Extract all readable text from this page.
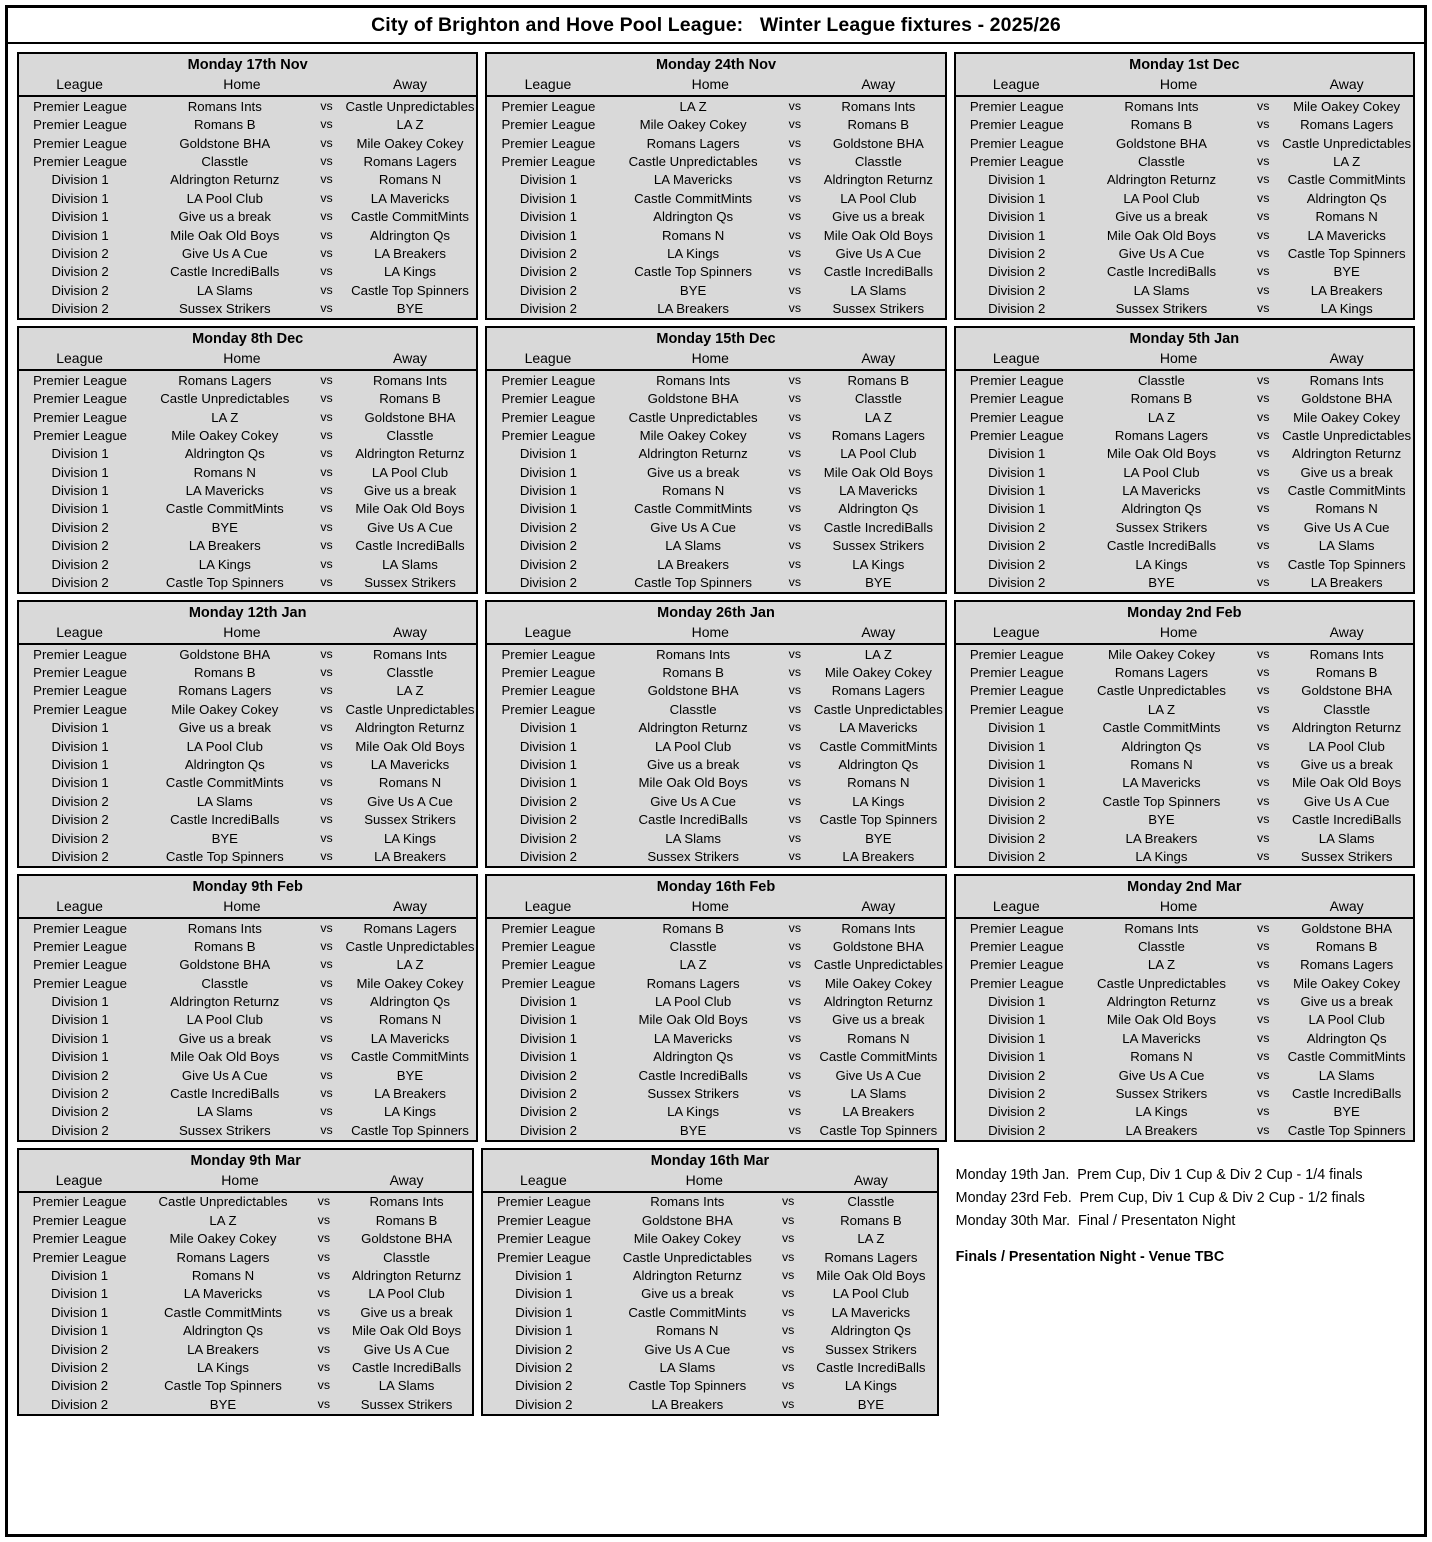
City of Brighton and Hove Pool League:   Winter League fixtures - 2025/26
Monday 17th Nov
League	Home	Away
Premier League	Romans Ints	vs Castle Unpredictables
Premier League	Romans B	vs	LA Z
Premier League	Goldstone BHA	vs	Mile Oakey Cokey
Premier League	Classtle	vs	Romans Lagers
Division 1	Aldrington Returnz	vs	Romans N
Division 1	LA Pool Club	vs	LA Mavericks
Division 1	Give us a break	vs	Castle CommitMints
Division 1	Mile Oak Old Boys	vs	Aldrington Qs
Division 2	Give Us A Cue	vs	LA Breakers
Division 2	Castle IncrediBalls	vs	LA Kings
Division 2	LA Slams	vs	Castle Top Spinners
Division 2	Sussex Strikers	vs	BYE
Monday 24th Nov
League	Home	Away
Premier League	LA Z	vs	Romans Ints
Premier League	Mile Oakey Cokey	vs	Romans B
Premier League	Romans Lagers	vs	Goldstone BHA
Premier League	Castle Unpredictables	vs	Classtle
Division 1	LA Mavericks	vs	Aldrington Returnz
Division 1	Castle CommitMints	vs	LA Pool Club
Division 1	Aldrington Qs	vs	Give us a break
Division 1	Romans N	vs	Mile Oak Old Boys
Division 2	LA Kings	vs	Give Us A Cue
Division 2	Castle Top Spinners	vs	Castle IncrediBalls
Division 2	BYE	vs	LA Slams
Division 2	LA Breakers	vs	Sussex Strikers
Monday 1st Dec
League	Home	Away
Premier League	Romans Ints	vs	Mile Oakey Cokey
Premier League	Romans B	vs	Romans Lagers
Premier League	Goldstone BHA	vs Castle Unpredictables
Premier League	Classtle	vs	LA Z
Division 1	Aldrington Returnz	vs	Castle CommitMints
Division 1	LA Pool Club	vs	Aldrington Qs
Division 1	Give us a break	vs	Romans N
Division 1	Mile Oak Old Boys	vs	LA Mavericks
Division 2	Give Us A Cue	vs	Castle Top Spinners
Division 2	Castle IncrediBalls	vs	BYE
Division 2	LA Slams	vs	LA Breakers
Division 2	Sussex Strikers	vs	LA Kings
Monday 8th Dec
League	Home	Away
Premier League	Romans Lagers	vs	Romans Ints
Premier League	Castle Unpredictables	vs	Romans B
Premier League	LA Z	vs	Goldstone BHA
Premier League	Mile Oakey Cokey	vs	Classtle
Division 1	Aldrington Qs	vs	Aldrington Returnz
Division 1	Romans N	vs	LA Pool Club
Division 1	LA Mavericks	vs	Give us a break
Division 1	Castle CommitMints	vs	Mile Oak Old Boys
Division 2	BYE	vs	Give Us A Cue
Division 2	LA Breakers	vs	Castle IncrediBalls
Division 2	LA Kings	vs	LA Slams
Division 2	Castle Top Spinners	vs	Sussex Strikers
Monday 15th Dec
League	Home	Away
Premier League	Romans Ints	vs	Romans B
Premier League	Goldstone BHA	vs	Classtle
Premier League	Castle Unpredictables	vs	LA Z
Premier League	Mile Oakey Cokey	vs	Romans Lagers
Division 1	Aldrington Returnz	vs	LA Pool Club
Division 1	Give us a break	vs	Mile Oak Old Boys
Division 1	Romans N	vs	LA Mavericks
Division 1	Castle CommitMints	vs	Aldrington Qs
Division 2	Give Us A Cue	vs	Castle IncrediBalls
Division 2	LA Slams	vs	Sussex Strikers
Division 2	LA Breakers	vs	LA Kings
Division 2	Castle Top Spinners	vs	BYE
Monday 5th Jan
League	Home	Away
Premier League	Classtle	vs	Romans Ints
Premier League	Romans B	vs	Goldstone BHA
Premier League	LA Z	vs	Mile Oakey Cokey
Premier League	Romans Lagers	vs Castle Unpredictables
Division 1	Mile Oak Old Boys	vs	Aldrington Returnz
Division 1	LA Pool Club	vs	Give us a break
Division 1	LA Mavericks	vs	Castle CommitMints
Division 1	Aldrington Qs	vs	Romans N
Division 2	Sussex Strikers	vs	Give Us A Cue
Division 2	Castle IncrediBalls	vs	LA Slams
Division 2	LA Kings	vs	Castle Top Spinners
Division 2	BYE	vs	LA Breakers
Monday 12th Jan
League	Home	Away
Premier League	Goldstone BHA	vs	Romans Ints
Premier League	Romans B	vs	Classtle
Premier League	Romans Lagers	vs	LA Z
Premier League	Mile Oakey Cokey	vs Castle Unpredictables
Division 1	Give us a break	vs	Aldrington Returnz
Division 1	LA Pool Club	vs	Mile Oak Old Boys
Division 1	Aldrington Qs	vs	LA Mavericks
Division 1	Castle CommitMints	vs	Romans N
Division 2	LA Slams	vs	Give Us A Cue
Division 2	Castle IncrediBalls	vs	Sussex Strikers
Division 2	BYE	vs	LA Kings
Division 2	Castle Top Spinners	vs	LA Breakers
Monday 26th Jan
League	Home	Away
Premier League	Romans Ints	vs	LA Z
Premier League	Romans B	vs	Mile Oakey Cokey
Premier League	Goldstone BHA	vs	Romans Lagers
Premier League	Classtle	vs Castle Unpredictables
Division 1	Aldrington Returnz	vs	LA Mavericks
Division 1	LA Pool Club	vs	Castle CommitMints
Division 1	Give us a break	vs	Aldrington Qs
Division 1	Mile Oak Old Boys	vs	Romans N
Division 2	Give Us A Cue	vs	LA Kings
Division 2	Castle IncrediBalls	vs	Castle Top Spinners
Division 2	LA Slams	vs	BYE
Division 2	Sussex Strikers	vs	LA Breakers
Monday 2nd Feb
League	Home	Away
Premier League	Mile Oakey Cokey	vs	Romans Ints
Premier League	Romans Lagers	vs	Romans B
Premier League	Castle Unpredictables	vs	Goldstone BHA
Premier League	LA Z	vs	Classtle
Division 1	Castle CommitMints	vs	Aldrington Returnz
Division 1	Aldrington Qs	vs	LA Pool Club
Division 1	Romans N	vs	Give us a break
Division 1	LA Mavericks	vs	Mile Oak Old Boys
Division 2	Castle Top Spinners	vs	Give Us A Cue
Division 2	BYE	vs	Castle IncrediBalls
Division 2	LA Breakers	vs	LA Slams
Division 2	LA Kings	vs	Sussex Strikers
Monday 9th Feb
League	Home	Away
Premier League	Romans Ints	vs	Romans Lagers
Premier League	Romans B	vs Castle Unpredictables
Premier League	Goldstone BHA	vs	LA Z
Premier League	Classtle	vs	Mile Oakey Cokey
Division 1	Aldrington Returnz	vs	Aldrington Qs
Division 1	LA Pool Club	vs	Romans N
Division 1	Give us a break	vs	LA Mavericks
Division 1	Mile Oak Old Boys	vs	Castle CommitMints
Division 2	Give Us A Cue	vs	BYE
Division 2	Castle IncrediBalls	vs	LA Breakers
Division 2	LA Slams	vs	LA Kings
Division 2	Sussex Strikers	vs	Castle Top Spinners
Monday 16th Feb
League	Home	Away
Premier League	Romans B	vs	Romans Ints
Premier League	Classtle	vs	Goldstone BHA
Premier League	LA Z	vs Castle Unpredictables
Premier League	Romans Lagers	vs	Mile Oakey Cokey
Division 1	LA Pool Club	vs	Aldrington Returnz
Division 1	Mile Oak Old Boys	vs	Give us a break
Division 1	LA Mavericks	vs	Romans N
Division 1	Aldrington Qs	vs	Castle CommitMints
Division 2	Castle IncrediBalls	vs	Give Us A Cue
Division 2	Sussex Strikers	vs	LA Slams
Division 2	LA Kings	vs	LA Breakers
Division 2	BYE	vs	Castle Top Spinners
Monday 2nd Mar
League	Home	Away
Premier League	Romans Ints	vs	Goldstone BHA
Premier League	Classtle	vs	Romans B
Premier League	LA Z	vs	Romans Lagers
Premier League	Castle Unpredictables	vs	Mile Oakey Cokey
Division 1	Aldrington Returnz	vs	Give us a break
Division 1	Mile Oak Old Boys	vs	LA Pool Club
Division 1	LA Mavericks	vs	Aldrington Qs
Division 1	Romans N	vs	Castle CommitMints
Division 2	Give Us A Cue	vs	LA Slams
Division 2	Sussex Strikers	vs	Castle IncrediBalls
Division 2	LA Kings	vs	BYE
Division 2	LA Breakers	vs	Castle Top Spinners
Monday 9th Mar
League	Home	Away
Premier League	Castle Unpredictables	vs	Romans Ints
Premier League	LA Z	vs	Romans B
Premier League	Mile Oakey Cokey	vs	Goldstone BHA
Premier League	Romans Lagers	vs	Classtle
Division 1	Romans N	vs	Aldrington Returnz
Division 1	LA Mavericks	vs	LA Pool Club
Division 1	Castle CommitMints	vs	Give us a break
Division 1	Aldrington Qs	vs	Mile Oak Old Boys
Division 2	LA Breakers	vs	Give Us A Cue
Division 2	LA Kings	vs	Castle IncrediBalls
Division 2	Castle Top Spinners	vs	LA Slams
Division 2	BYE	vs	Sussex Strikers
Monday 16th Mar
League	Home	Away
Premier League	Romans Ints	vs	Classtle
Premier League	Goldstone BHA	vs	Romans B
Premier League	Mile Oakey Cokey	vs	LA Z
Premier League	Castle Unpredictables	vs	Romans Lagers
Division 1	Aldrington Returnz	vs	Mile Oak Old Boys
Division 1	Give us a break	vs	LA Pool Club
Division 1	Castle CommitMints	vs	LA Mavericks
Division 1	Romans N	vs	Aldrington Qs
Division 2	Give Us A Cue	vs	Sussex Strikers
Division 2	LA Slams	vs	Castle IncrediBalls
Division 2	Castle Top Spinners	vs	LA Kings
Division 2	LA Breakers	vs	BYE
Monday 19th Jan.  Prem Cup, Div 1 Cup & Div 2 Cup - 1/4 finals
Monday 23rd Feb.  Prem Cup, Div 1 Cup & Div 2 Cup - 1/2 finals
Monday 30th Mar.  Final / Presentaton Night
Finals / Presentation Night - Venue TBC
